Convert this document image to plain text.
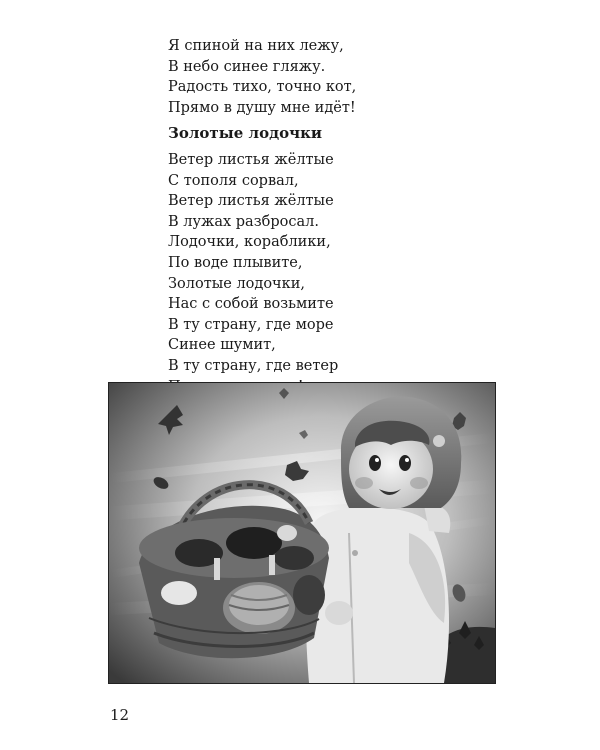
Я спиной на них лежу,
В небо синее гляжу.
Радость тихо, точно кот,
Прямо в душу мне идёт!
Золотые лодочки
Ветер листья жёлтые
С тополя сорвал,
Ветер листья жёлтые
В лужах разбросал.
Лодочки, кораблики,
По воде плывите,
Золотые лодочки,
Нас с собой возьмите
В ту страну, где море
Синее шумит,
В ту страну, где ветер
12
